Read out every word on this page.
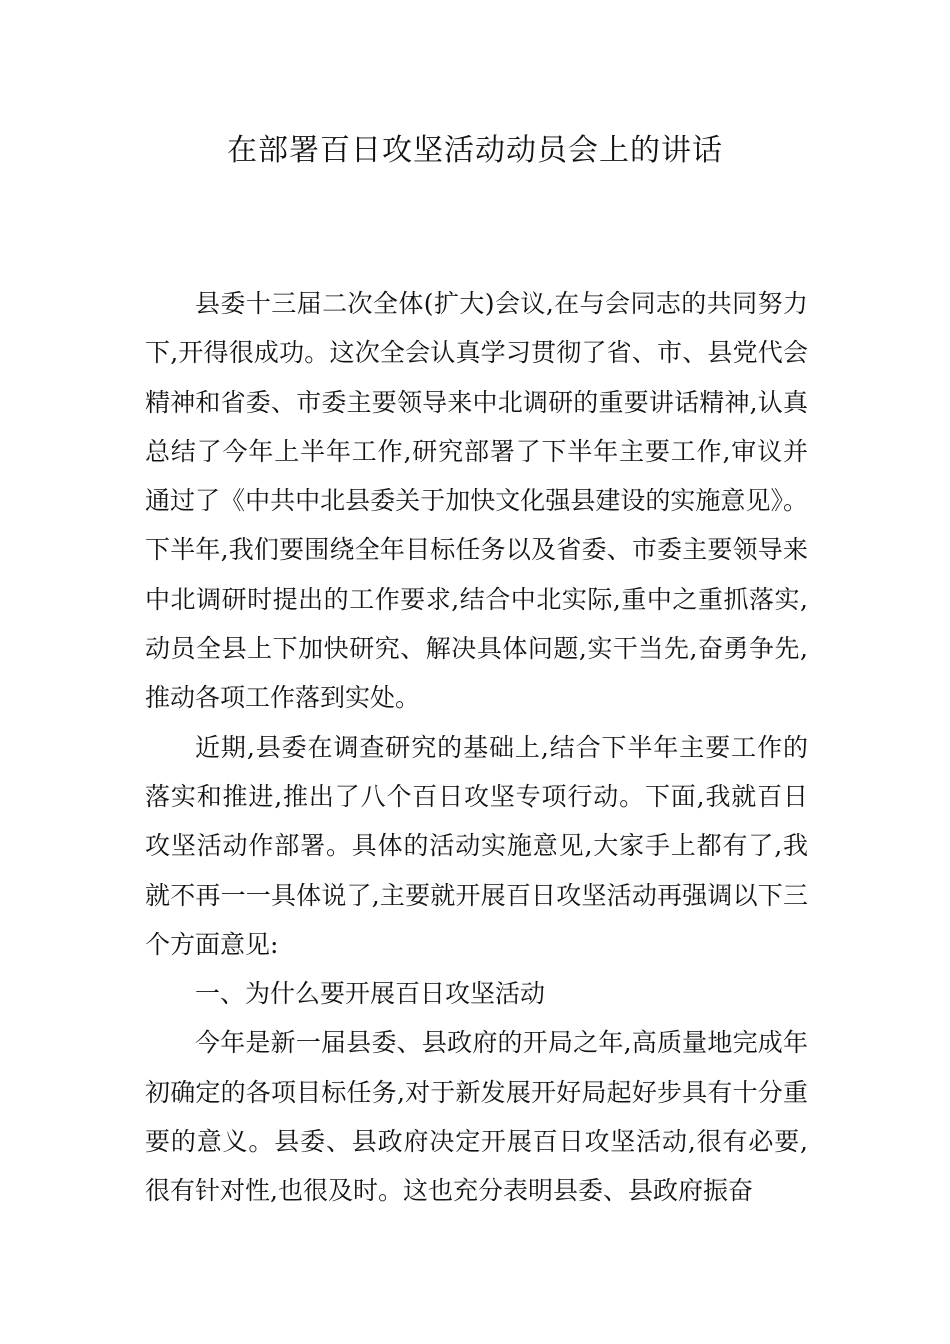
在部署百日攻坚活动动员会上的讲话

县委十三届二次全体(扩大)会议,在与会同志的共同努力下,开得很成功。这次全会认真学习贯彻了省、市、县党代会精神和省委、市委主要领导来中北调研的重要讲话精神,认真总结了今年上半年工作,研究部署了下半年主要工作,审议并通过了《中共中北县委关于加快文化强县建设的实施意见》。下半年,我们要围绕全年目标任务以及省委、市委主要领导来中北调研时提出的工作要求,结合中北实际,重中之重抓落实,动员全县上下加快研究、解决具体问题,实干当先,奋勇争先,推动各项工作落到实处。

近期,县委在调查研究的基础上,结合下半年主要工作的落实和推进,推出了八个百日攻坚专项行动。下面,我就百日攻坚活动作部署。具体的活动实施意见,大家手上都有了,我就不再一一具体说了,主要就开展百日攻坚活动再强调以下三个方面意见:

一、为什么要开展百日攻坚活动

今年是新一届县委、县政府的开局之年,高质量地完成年初确定的各项目标任务,对于新发展开好局起好步具有十分重要的意义。县委、县政府决定开展百日攻坚活动,很有必要,很有针对性,也很及时。这也充分表明县委、县政府振奋
